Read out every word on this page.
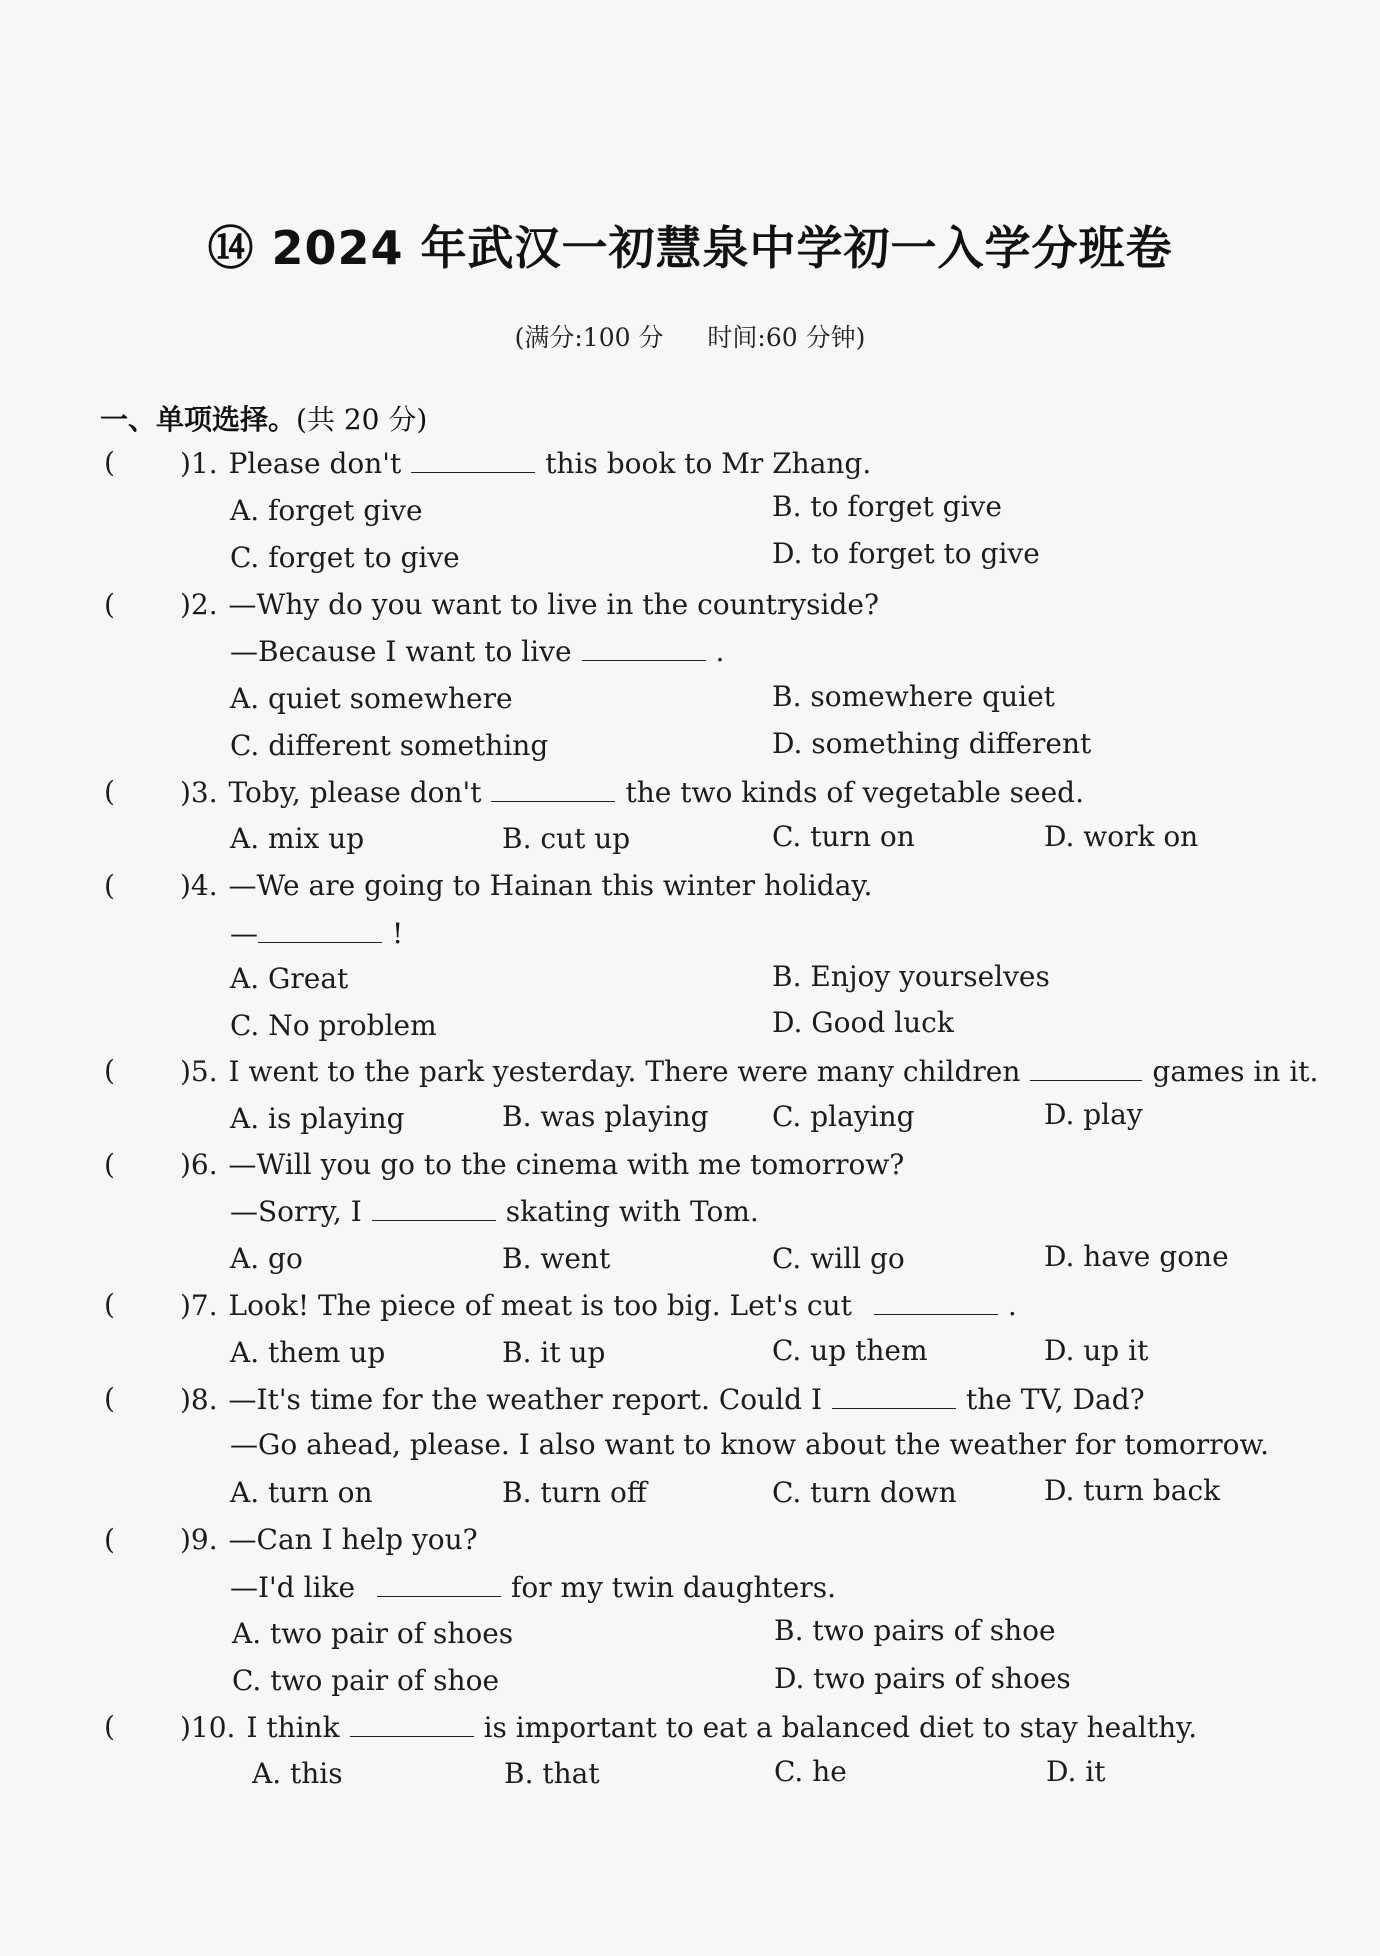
⑭ 2024 年武汉一初慧泉中学初一入学分班卷
(满分:100 分 时间:60 分钟)
一、单项选择。(共 20 分)
( )1. Please don't	this book to Mr Zhang.
A. forget give	B. to forget give
C. forget to give	D. to forget to give
( )2. —Why do you want to live in the countryside?
—Because I want to live	.
A. quiet somewhere	B. somewhere quiet
C. different something	D. something different
( )3. Toby, please don't	the two kinds of vegetable seed.
A. mix up	B. cut up	C. turn on	D. work on
( )4. —We are going to Hainan this winter holiday.
—	!
A. Great	B. Enjoy yourselves
C. No problem	D. Good luck
( )5. I went to the park yesterday. There were many children	games in it.
A. is playing	B. was playing C. playing	D. play
( )6. —Will you go to the cinema with me tomorrow?
—Sorry, I	skating with Tom.
A. go	B. went	C. will go	D. have gone
( )7. Look! The piece of meat is too big. Let's cut	.
A. them up	B. it up	C. up them	D. up it
( )8. —It's time for the weather report. Could I	the TV, Dad?
—Go ahead, please. I also want to know about the weather for tomorrow.
A. turn on	B. turn off	C. turn down	D. turn back
( )9. —Can I help you?
—I'd like	for my twin daughters.
A. two pair of shoes	B. two pairs of shoe
C. two pair of shoe	D. two pairs of shoes
( )10. I think	is important to eat a balanced diet to stay healthy.
A. this	B. that	C. he	D. it
